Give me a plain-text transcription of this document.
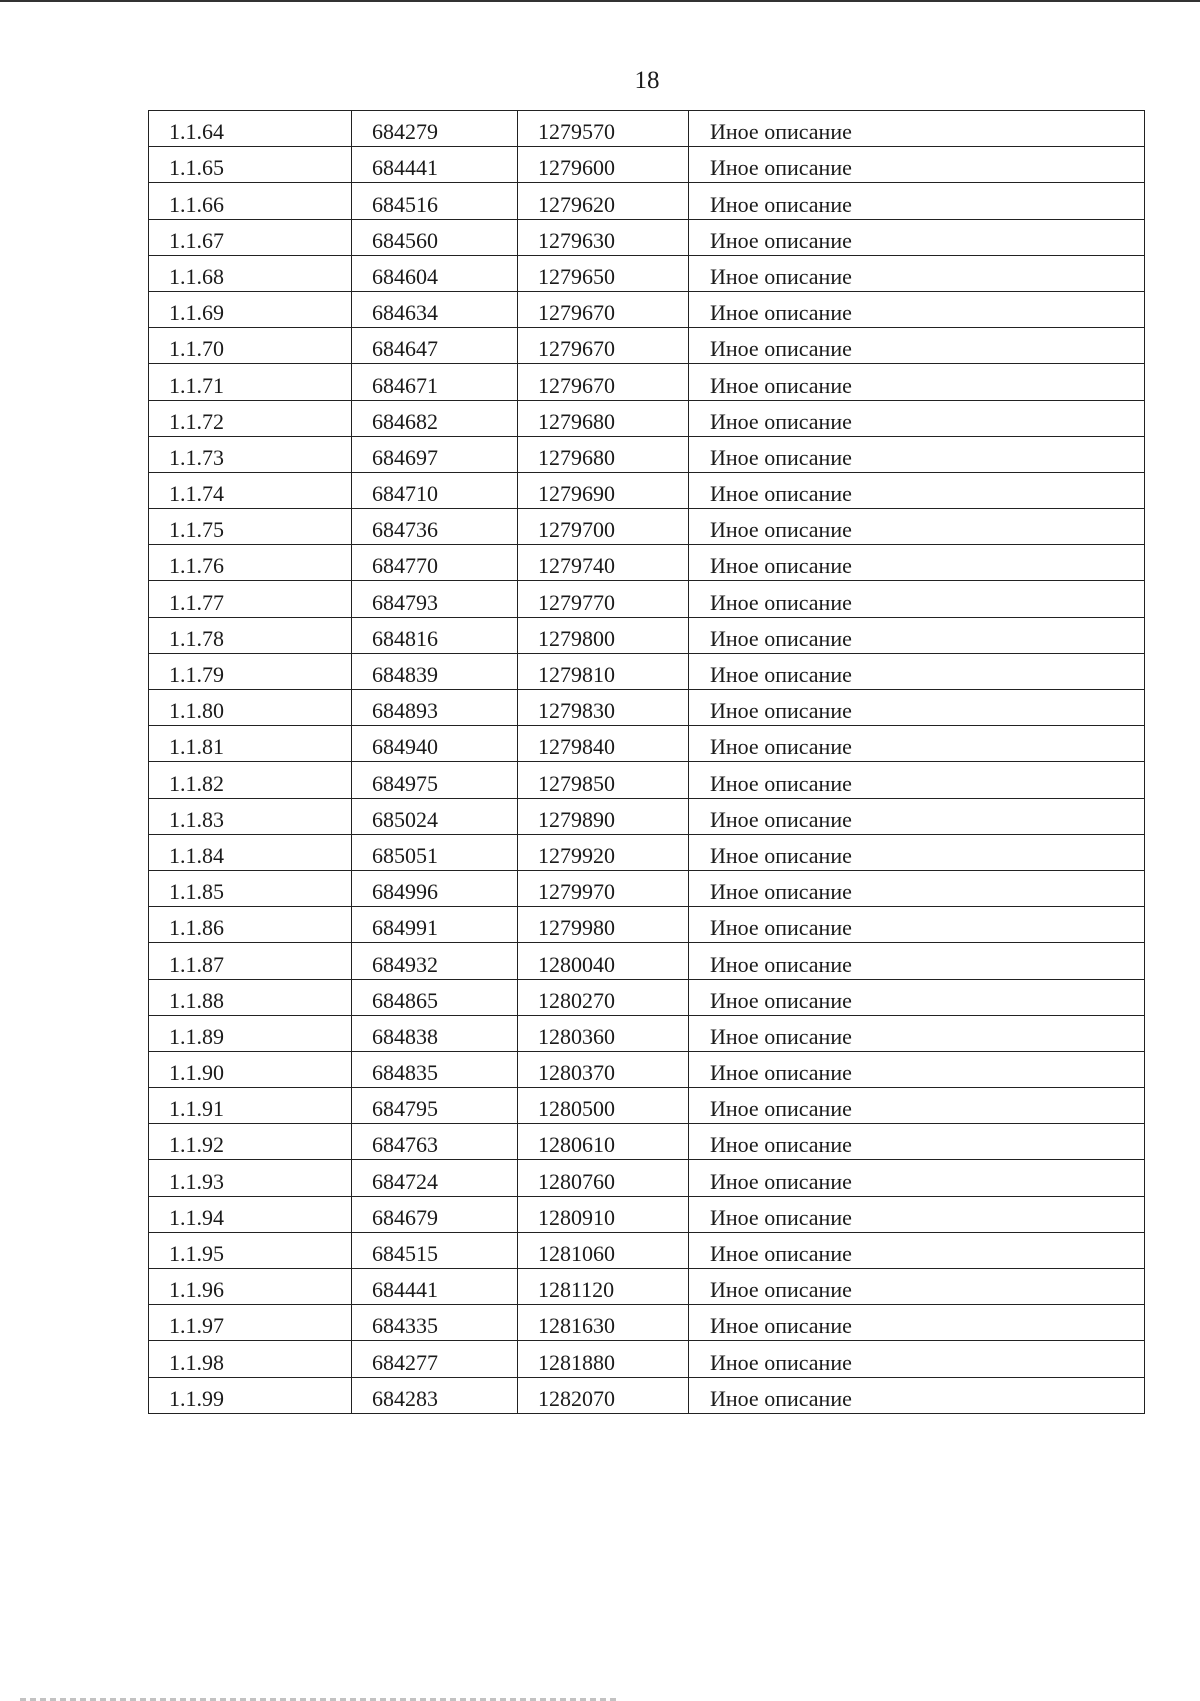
18
1.1.64	684279	1279570	Иное описание
1.1.65	684441	1279600	Иное описание
1.1.66	684516	1279620	Иное описание
1.1.67	684560	1279630	Иное описание
1.1.68	684604	1279650	Иное описание
1.1.69	684634	1279670	Иное описание
1.1.70	684647	1279670	Иное описание
1.1.71	684671	1279670	Иное описание
1.1.72	684682	1279680	Иное описание
1.1.73	684697	1279680	Иное описание
1.1.74	684710	1279690	Иное описание
1.1.75	684736	1279700	Иное описание
1.1.76	684770	1279740	Иное описание
1.1.77	684793	1279770	Иное описание
1.1.78	684816	1279800	Иное описание
1.1.79	684839	1279810	Иное описание
1.1.80	684893	1279830	Иное описание
1.1.81	684940	1279840	Иное описание
1.1.82	684975	1279850	Иное описание
1.1.83	685024	1279890	Иное описание
1.1.84	685051	1279920	Иное описание
1.1.85	684996	1279970	Иное описание
1.1.86	684991	1279980	Иное описание
1.1.87	684932	1280040	Иное описание
1.1.88	684865	1280270	Иное описание
1.1.89	684838	1280360	Иное описание
1.1.90	684835	1280370	Иное описание
1.1.91	684795	1280500	Иное описание
1.1.92	684763	1280610	Иное описание
1.1.93	684724	1280760	Иное описание
1.1.94	684679	1280910	Иное описание
1.1.95	684515	1281060	Иное описание
1.1.96	684441	1281120	Иное описание
1.1.97	684335	1281630	Иное описание
1.1.98	684277	1281880	Иное описание
1.1.99	684283	1282070	Иное описание
